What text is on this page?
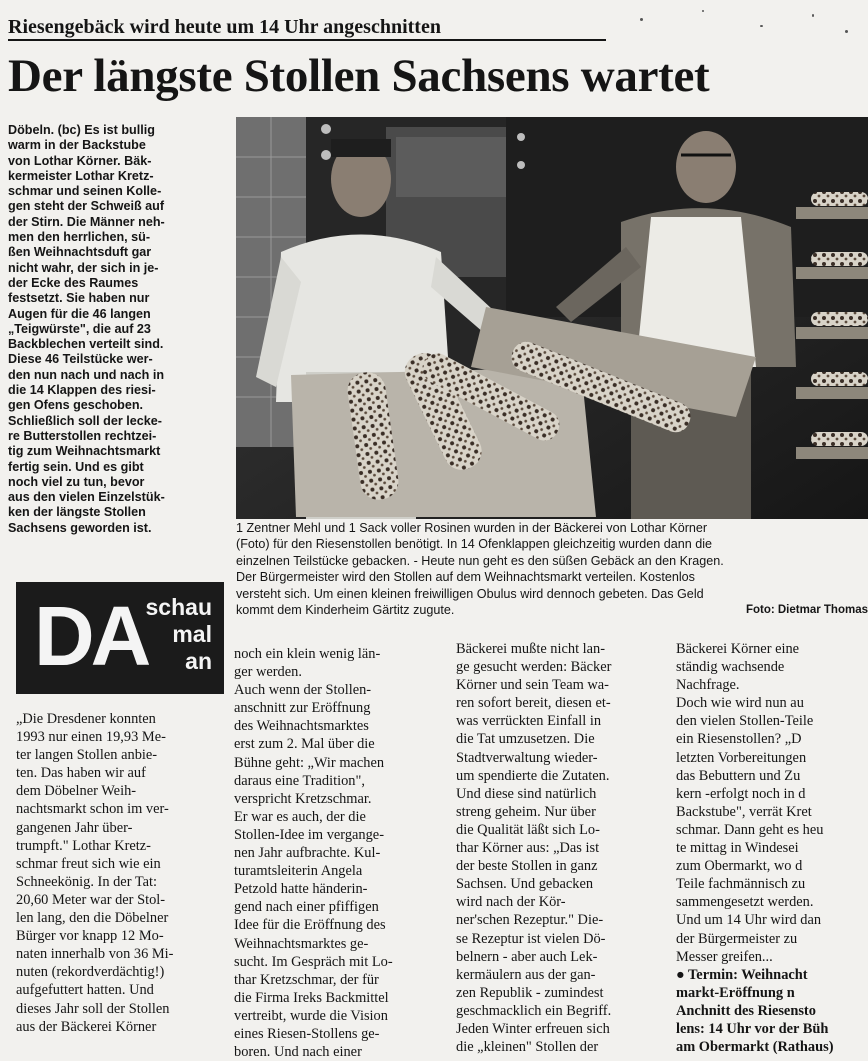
Riesengebäck wird heute um 14 Uhr angeschnitten
Der längste Stollen Sachsens wartet
Döbeln. (bc) Es ist bullig
warm in der Backstube
von Lothar Körner. Bäk-
kermeister Lothar Kretz-
schmar und seinen Kolle-
gen steht der Schweiß auf
der Stirn. Die Männer neh-
men den herrlichen, sü-
ßen Weihnachtsduft gar
nicht wahr, der sich in je-
der Ecke des Raumes
festsetzt. Sie haben nur
Augen für die 46 langen
„Teigwürste", die auf 23
Backblechen verteilt sind.
Diese 46 Teilstücke wer-
den nun nach und nach in
die 14 Klappen des riesi-
gen Ofens geschoben.
Schließlich soll der lecke-
re Butterstollen rechtzei-
tig zum Weihnachtsmarkt
fertig sein. Und es gibt
noch viel zu tun, bevor
aus den vielen Einzelstük-
ken der längste Stollen
Sachsens geworden ist.	1 Zentner Mehl und 1 Sack voller Rosinen wurden in der Bäckerei von Lothar Körner
(Foto) für den Riesenstollen benötigt. In 14 Ofenklappen gleichzeitig wurden dann die
einzelnen Teilstücke gebacken. - Heute nun geht es den süßen Gebäck an den Kragen.
Der Bürgermeister wird den Stollen auf dem Weihnachtsmarkt verteilen. Kostenlos
versteht sich. Um einen kleinen freiwilligen Obulus wird dennoch gebeten. Das Geld
kommt dem Kinderheim Gärtitz zugute.	Foto: Dietmar Thomas
DA
schau
mal
an
„Die Dresdener konnten
1993 nur einen 19,93 Me-
ter langen Stollen anbie-
ten. Das haben wir auf
dem Döbelner Weih-
nachtsmarkt schon im ver-
gangenen Jahr über-
trumpft." Lothar Kretz-
schmar freut sich wie ein
Schneekönig. In der Tat:
20,60 Meter war der Stol-
len lang, den die Döbelner
Bürger vor knapp 12 Mo-
naten innerhalb von 36 Mi-
nuten (rekordverdächtig!)
aufgefuttert hatten. Und
dieses Jahr soll der Stollen
aus der Bäckerei Körner
noch ein klein wenig län-
ger werden.
Auch wenn der Stollen-
anschnitt zur Eröffnung
des Weihnachtsmarktes
erst zum 2. Mal über die
Bühne geht: „Wir machen
daraus eine Tradition",
verspricht Kretzschmar.
Er war es auch, der die
Stollen-Idee im vergange-
nen Jahr aufbrachte. Kul-
turamtsleiterin Angela
Petzold hatte händerin-
gend nach einer pfiffigen
Idee für die Eröffnung des
Weihnachtsmarktes ge-
sucht. Im Gespräch mit Lo-
thar Kretzschmar, der für
die Firma Ireks Backmittel
vertreibt, wurde die Vision
eines Riesen-Stollens ge-
boren. Und nach einer
Bäckerei mußte nicht lan-
ge gesucht werden: Bäcker
Körner und sein Team wa-
ren sofort bereit, diesen et-
was verrückten Einfall in
die Tat umzusetzen. Die
Stadtverwaltung wieder-
um spendierte die Zutaten.
Und diese sind natürlich
streng geheim. Nur über
die Qualität läßt sich Lo-
thar Körner aus: „Das ist
der beste Stollen in ganz
Sachsen. Und gebacken
wird nach der Kör-
ner'schen Rezeptur." Die-
se Rezeptur ist vielen Dö-
belnern - aber auch Lek-
kermäulern aus der gan-
zen Republik - zumindest
geschmacklich ein Begriff.
Jeden Winter erfreuen sich
die „kleinen" Stollen der
Bäckerei Körner eine
ständig wachsende
Nachfrage.
Doch wie wird nun au
den vielen Stollen-Teile
ein Riesenstollen? „D
letzten Vorbereitungen
das Bebuttern und Zu
kern -erfolgt noch in d
Backstube", verrät Kret
schmar. Dann geht es heu
te mittag in Windesei
zum Obermarkt, wo d
Teile fachmännisch zu
sammengesetzt werden.
Und um 14 Uhr wird dan
der Bürgermeister zu
Messer greifen...
● Termin: Weihnacht
markt-Eröffnung n
Anchnitt des Riesensto
lens: 14 Uhr vor der Büh
am Obermarkt (Rathaus)
